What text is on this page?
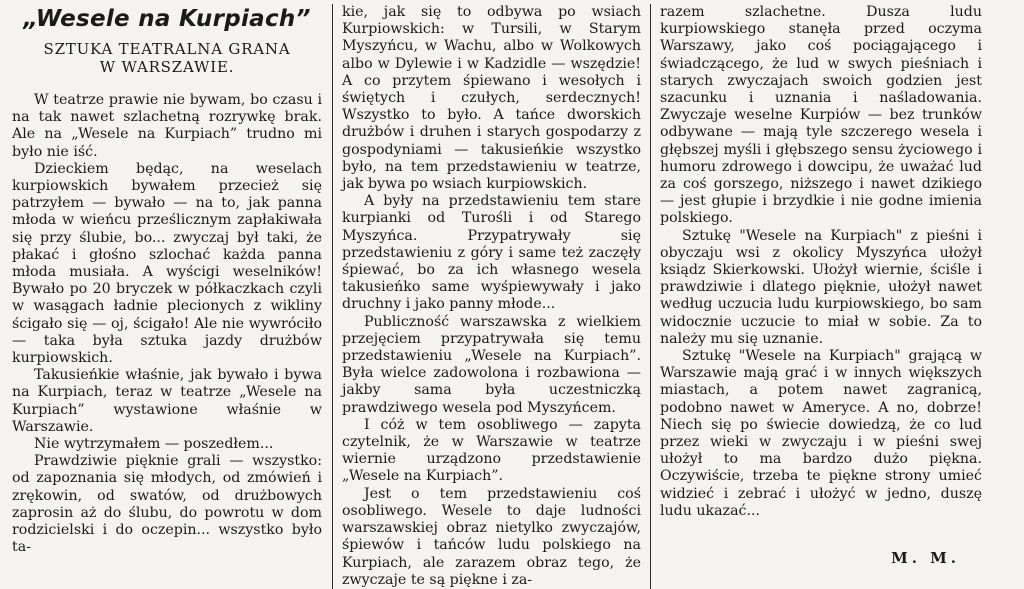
„Wesele na Kurpiach”
SZTUKA TEATRALNA GRANA
W WARSZAWIE.

W teatrze prawie nie bywam, bo czasu i na tak nawet szlachetną rozrywkę brak. Ale na „Wesele na Kurpiach” trudno mi było nie iść.

Dzieckiem będąc, na weselach kurpiowskich bywałem przecież się patrzyłem — bywało — na to, jak panna młoda w wieńcu prześlicznym zapłakiwała się przy ślubie, bo... zwyczaj był taki, że płakać i głośno szlochać każda panna młoda musiała. A wyścigi weselników! Bywało po 20 bryczek w półkaczkach czyli w wasągach ładnie plecionych z wikliny ścigało się — oj, ścigało! Ale nie wywróciło — taka była sztuka jazdy drużbów kurpiowskich.

Takusieńkie właśnie, jak bywało i bywa na Kurpiach, teraz w teatrze „Wesele na Kurpiach” wystawione właśnie w Warszawie.

Nie wytrzymałem — poszedłem...

Prawdziwie pięknie grali — wszystko: od zapoznania się młodych, od zmówień i zrękowin, od swatów, od drużbowych zaprosin aż do ślubu, do powrotu w dom rodzicielski i do oczepin... wszystko było ta-

kie, jak się to odbywa po wsiach Kurpiowskich: w Tursili, w Starym Myszyńcu, w Wachu, albo w Wolkowych albo w Dylewie i w Kadzidle — wszędzie! A co przytem śpiewano i wesołych i świętych i czułych, serdecznych! Wszystko to było. A tańce dworskich drużbów i druhen i starych gospodarzy z gospodyniami — takusieńkie wszystko było, na tem przedstawieniu w teatrze, jak bywa po wsiach kurpiowskich.

A były na przedstawieniu tem stare kurpianki od Turośli i od Starego Myszyńca. Przypatrywały się przedstawieniu z góry i same też zaczęły śpiewać, bo za ich własnego wesela takusieńko same wyśpiewywały i jako druchny i jako panny młode...

Publiczność warszawska z wielkiem przejęciem przypatrywała się temu przedstawieniu „Wesele na Kurpiach”. Była wielce zadowolona i rozbawiona — jakby sama była uczestniczką prawdziwego wesela pod Myszyńcem.

I cóż w tem osobliwego — zapyta czytelnik, że w Warszawie w teatrze wiernie urządzono przedstawienie „Wesele na Kurpiach”.

Jest o tem przedstawieniu coś osobliwego. Wesele to daje ludności warszawskiej obraz nietylko zwyczajów, śpiewów i tańców ludu polskiego na Kurpiach, ale zarazem obraz tego, że zwyczaje te są piękne i za-

razem szlachetne. Dusza ludu kurpiowskiego stanęła przed oczyma Warszawy, jako coś pociągającego i świadczącego, że lud w swych pieśniach i starych zwyczajach swoich godzien jest szacunku i uznania i naśladowania. Zwyczaje weselne Kurpiów — bez trunków odbywane — mają tyle szczerego wesela i głębszej myśli i głębszego sensu życiowego i humoru zdrowego i dowcipu, że uważać lud za coś gorszego, niższego i nawet dzikiego — jest głupie i brzydkie i nie godne imienia polskiego.

Sztukę "Wesele na Kurpiach" z pieśni i obyczaju wsi z okolicy Myszyńca ułożył ksiądz Skierkowski. Ułożył wiernie, ściśle i prawdziwie i dlatego pięknie, ułożył nawet według uczucia ludu kurpiowskiego, bo sam widocznie uczucie to miał w sobie. Za to należy mu się uznanie.

Sztukę "Wesele na Kurpiach" grającą w Warszawie mają grać i w innych większych miastach, a potem nawet zagranicą, podobno nawet w Ameryce. A no, dobrze! Niech się po świecie dowiedzą, że co lud przez wieki w zwyczaju i w pieśni swej ułożył to ma bardzo dużo piękna. Oczywiście, trzeba te piękne strony umieć widzieć i zebrać i ułożyć w jedno, duszę ludu ukazać...

M. M.
